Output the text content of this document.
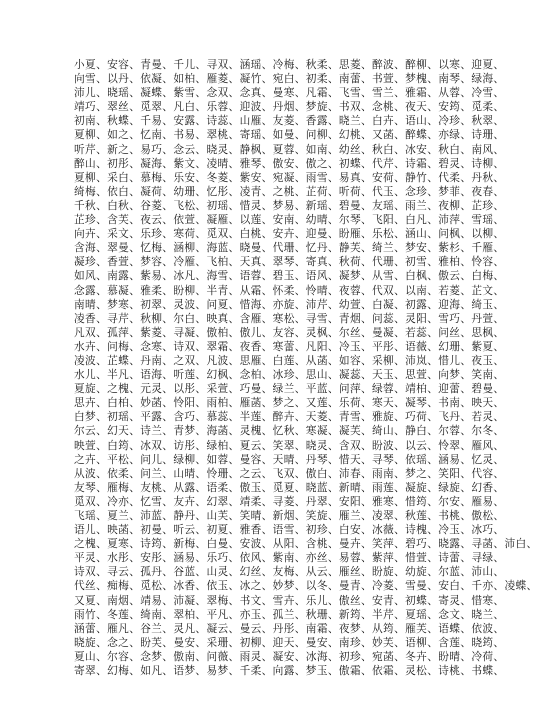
小夏、安容、青曼、千儿、寻双、涵瑶、冷梅、秋柔、思菱、醉波、醉柳、以寒、迎夏、
向雪、以丹、依凝、如柏、雁菱、凝竹、宛白、初柔、南蕾、书萱、梦槐、南琴、绿海、
沛儿、晓瑶、凝蝶、紫雪、念双、念真、曼寒、凡霜、飞雪、雪兰、雅霜、从蓉、冷雪、
靖巧、翠丝、觅翠、凡白、乐蓉、迎波、丹烟、梦旋、书双、念桃、夜天、安筠、觅柔、
初南、秋蝶、千易、安露、诗蕊、山雁、友菱、香露、晓兰、白卉、语山、冷珍、秋翠、
夏柳、如之、忆南、书易、翠桃、寄瑶、如曼、问柳、幻桃、又菡、醉蝶、亦绿、诗珊、
听芹、新之、易巧、念云、晓灵、静枫、夏蓉、如南、幼丝、秋白、冰安、秋白、南风、
醉山、初彤、凝海、紫文、凌晴、雅琴、傲安、傲之、初蝶、代芹、诗霜、碧灵、诗柳、
夏柳、采白、慕梅、乐安、冬菱、紫安、宛凝、雨雪、易真、安荷、静竹、代柔、丹秋、
绮梅、依白、凝荷、幼珊、忆彤、凌青、之桃、芷荷、听荷、代玉、念珍、梦菲、夜春、
千秋、白秋、谷菱、飞松、初瑶、惜灵、梦易、新瑶、碧曼、友瑶、雨兰、夜柳、芷珍、
芷珍、含芙、夜云、依萱、凝雁、以莲、安南、幼晴、尔琴、飞阳、白凡、沛萍、雪瑶、
向卉、采文、乐珍、寒荷、觅双、白桃、安卉、迎曼、盼雁、乐松、涵山、问枫、以柳、
含海、翠曼、忆梅、涵柳、海蓝、晓曼、代珊、忆丹、静芙、绮兰、梦安、紫杉、千雁、
凝珍、香萱、梦容、冷雁、飞柏、天真、翠琴、寄真、秋荷、代珊、初雪、雅柏、怜容、
如风、南露、紫易、冰凡、海雪、语蓉、碧玉、语风、凝梦、从雪、白枫、傲云、白梅、
念露、慕凝、雅柔、盼柳、半青、从霜、怀柔、怜晴、夜蓉、代双、以南、若菱、芷文、
南晴、梦寒、初翠、灵波、问夏、惜海、亦旋、沛芹、幼萱、白凝、初露、迎海、绮玉、
凌香、寻芹、秋柳、尔白、映真、含雁、寒松、寻雪、青烟、问蕊、灵阳、雪巧、丹萱、
凡双、孤萍、紫菱、寻凝、傲柏、傲儿、友容、灵枫、尔丝、曼凝、若蕊、问丝、思枫、
水卉、问梅、念寒、诗双、翠霜、夜香、寒蕾、凡阳、冷玉、平彤、语薇、幻珊、紫夏、
凌波、芷蝶、丹南、之双、凡波、思雁、白莲、从菡、如容、采柳、沛岚、惜儿、夜玉、
水儿、半凡、语海、听莲、幻枫、念柏、冰珍、思山、凝蕊、天玉、思萱、向梦、笑南、
夏旋、之槐、元灵、以彤、采萱、巧曼、绿兰、平蓝、问萍、绿蓉、靖柏、迎蕾、碧曼、
思卉、白柏、妙菡、怜阳、雨柏、雁菡、梦之、又莲、乐荷、寒天、凝琴、书南、映天、
白梦、初瑶、平露、含巧、慕蕊、半莲、醉卉、天菱、青雪、雅旋、巧荷、飞丹、若灵、
尔云、幻天、诗兰、青梦、海菡、灵槐、忆秋、寒凝、凝芙、绮山、静白、尔蓉、尔冬、
映萱、白筠、冰双、访彤、绿柏、夏云、笑翠、晓灵、含双、盼波、以云、怜翠、雁风、
之卉、平松、问儿、绿柳、如蓉、曼容、天晴、丹琴、惜天、寻琴、依瑶、涵易、忆灵、
从波、依柔、问兰、山晴、怜珊、之云、飞双、傲白、沛春、雨南、梦之、笑阳、代容、
友琴、雁梅、友桃、从露、语柔、傲玉、觅夏、晓蓝、新晴、雨莲、凝旋、绿旋、幻香、
觅双、冷亦、忆雪、友卉、幻翠、靖柔、寻菱、丹翠、安阳、雅寒、惜筠、尔安、雁易、
飞瑶、夏兰、沛蓝、静丹、山芙、笑晴、新烟、笑旋、雁兰、凌翠、秋莲、书桃、傲松、
语儿、映菡、初曼、听云、初夏、雅香、语雪、初珍、白安、冰薇、诗槐、冷玉、冰巧、
之槐、夏寒、诗筠、新梅、白曼、安波、从阳、含桃、曼卉、笑萍、碧巧、晓露、寻菡、沛白、
平灵、水彤、安彤、涵易、乐巧、依风、紫南、亦丝、易蓉、紫萍、惜萱、诗蕾、寻绿、
诗双、寻云、孤丹、谷蓝、山灵、幻丝、友梅、从云、雁丝、盼旋、幼旋、尔蓝、沛山、
代丝、痴梅、觅松、冰香、依玉、冰之、妙梦、以冬、曼青、冷菱、雪曼、安白、千亦、凌蝶、
又夏、南烟、靖易、沛凝、翠梅、书文、雪卉、乐儿、傲丝、安青、初蝶、寄灵、惜寒、
雨竹、冬莲、绮南、翠柏、平凡、亦玉、孤兰、秋珊、新筠、半芹、夏瑶、念文、晓兰、
涵蕾、雁凡、谷兰、灵凡、凝云、曼云、丹彤、南霜、夜梦、从筠、雁芙、语蝶、依波、
晓旋、念之、盼芙、曼安、采珊、初柳、迎天、曼安、南珍、妙芙、语柳、含莲、晓筠、
夏山、尔容、念梦、傲南、问薇、雨灵、凝安、冰海、初珍、宛菡、冬卉、盼晴、冷荷、
寄翠、幻梅、如凡、语梦、易梦、千柔、向露、梦玉、傲霜、依霜、灵松、诗桃、书蝶、
